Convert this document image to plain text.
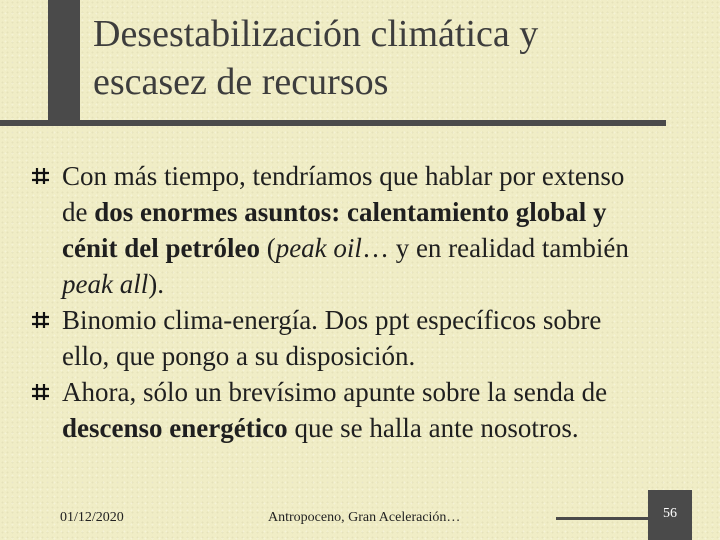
Desestabilización climática y
escasez de recursos
Con más tiempo, tendríamos que hablar por extenso de dos enormes asuntos: calentamiento global y cénit del petróleo (peak oil… y en realidad también peak all).
Binomio clima-energía. Dos ppt específicos sobre ello, que pongo a su disposición.
Ahora, sólo un brevísimo apunte sobre la senda de descenso energético que se halla ante nosotros.
01/12/2020	Antropoceno, Gran Aceleración…	56
